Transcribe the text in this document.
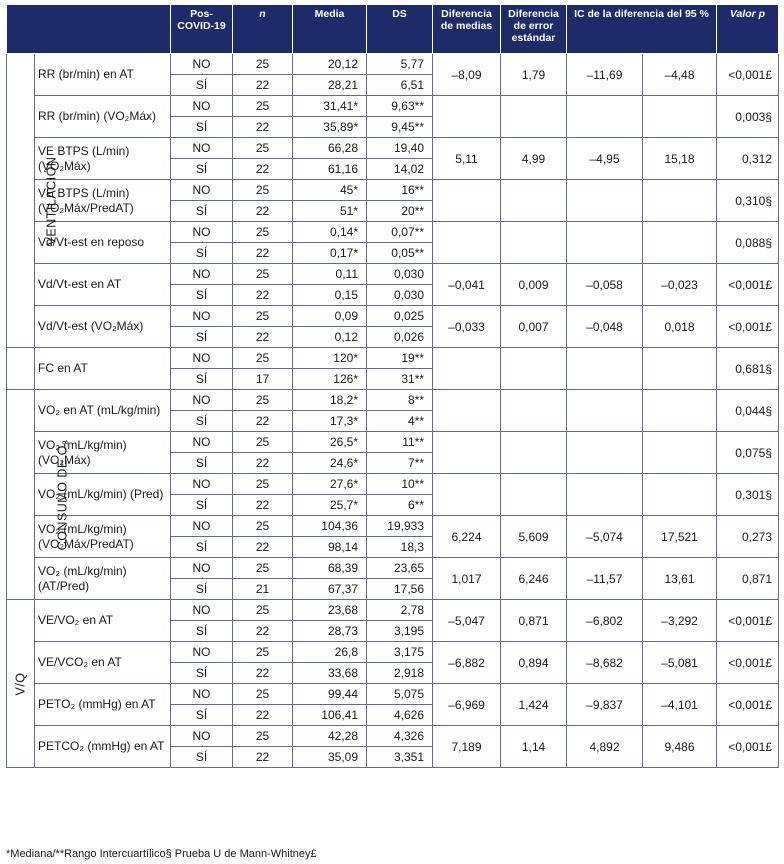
		Pos-COVID-19	n	Media	DS	Diferencia de medias	Diferencia de error estándar	IC de la diferencia del 95 %		Valor p
VENTILACIÓN	RR (br/min) en AT	NO	25	20,12	5,77	–8,09	1,79	–11,69	–4,48	<0,001£
		SÍ	22	28,21	6,51					
	RR (br/min) (VO₂Máx)	NO	25	31,41*	9,63**					0,003§
		SÍ	22	35,89*	9,45**					
	VE BTPS (L/min) (VO₂Máx)	NO	25	66,28	19,40	5,11	4,99	–4,95	15,18	0,312
		SÍ	22	61,16	14,02					
	VE BTPS (L/min) (VO₂Máx/PredAT)	NO	25	45*	16**					0,310§
		SÍ	22	51*	20**					
	Vd/Vt-est en reposo	NO	25	0,14*	0,07**					0,088§
		SÍ	22	0,17*	0,05**					
	Vd/Vt-est en AT	NO	25	0,11	0,030	–0,041	0,009	–0,058	–0,023	<0,001£
		SÍ	22	0,15	0,030					
	Vd/Vt-est (VO₂Máx)	NO	25	0,09	0,025	–0,033	0,007	–0,048	0,018	<0,001£
		SÍ	22	0,12	0,026					
	FC en AT	NO	25	120*	19**					0,681§
		SÍ	17	126*	31**					
CONSUMO DE O₂	VO₂ en AT (mL/kg/min)	NO	25	18,2*	8**					0,044§
		SÍ	22	17,3*	4**					
	VO₂ (mL/kg/min) (VO₂Máx)	NO	25	26,5*	11**					0,075§
		SÍ	22	24,6*	7**					
	VO₂ (mL/kg/min) (Pred)	NO	25	27,6*	10**					0,301§
		SÍ	22	25,7*	6**					
	VO₂ (mL/kg/min) (VO₂Máx/PredAT)	NO	25	104,36	19,933	6,224	5,609	–5,074	17,521	0,273
		SÍ	22	98,14	18,3					
	VO₂ (mL/kg/min) (AT/Pred)	NO	25	68,39	23,65	1,017	6,246	–11,57	13,61	0,871
		SÍ	21	67,37	17,56					
V/Q	VE/VO₂ en AT	NO	25	23,68	2,78	–5,047	0,871	–6,802	–3,292	<0,001£
		SÍ	22	28,73	3,195					
	VE/VCO₂ en AT	NO	25	26,8	3,175	–6,882	0,894	–8,682	–5,081	<0,001£
		SÍ	22	33,68	2,918					
	PETO₂ (mmHg) en AT	NO	25	99,44	5,075	–6,969	1,424	–9,837	–4,101	<0,001£
		SÍ	22	106,41	4,626					
	PETCO₂ (mmHg) en AT	NO	25	42,28	4,326	7,189	1,14	4,892	9,486	<0,001£
		SÍ	22	35,09	3,351					
*Mediana/**Rango Intercuartílico§ Prueba U de Mann-Whitney£
